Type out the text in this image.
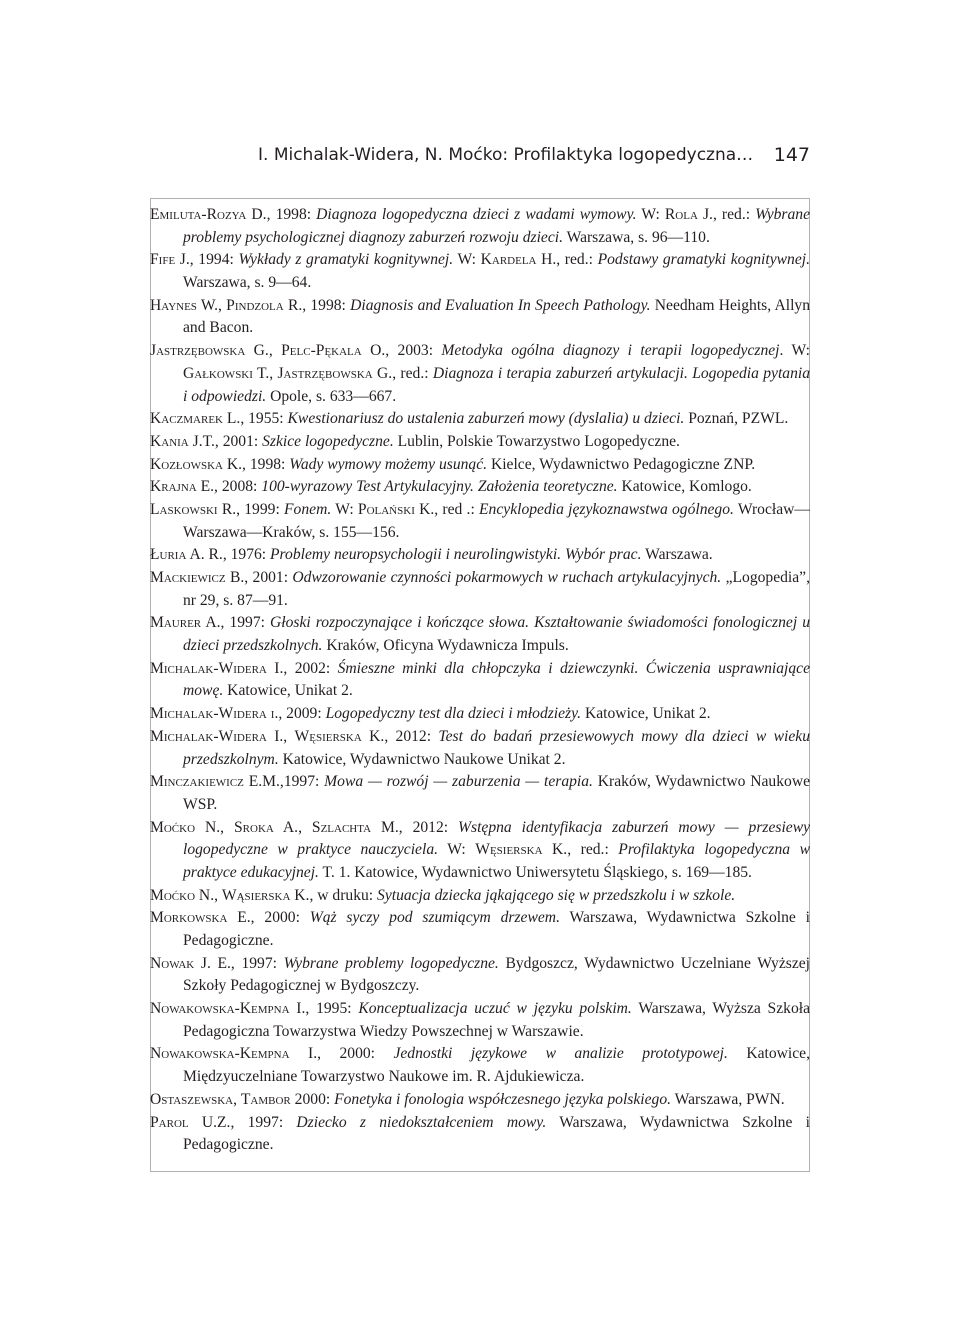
I. Michalak-Widera, N. Moćko: Profilaktyka logopedyczna… 147

Emiluta-Rozya D., 1998: Diagnoza logopedyczna dzieci z wadami wymowy. W: Rola J., red.: Wybrane problemy psychologicznej diagnozy zaburzeń rozwoju dzieci. Warszawa, s. 96—110.

Fife J., 1994: Wykłady z gramatyki kognitywnej. W: Kardela H., red.: Podstawy gramatyki kognitywnej. Warszawa, s. 9—64.

Haynes W., Pindzola R., 1998: Diagnosis and Evaluation In Speech Pathology. Needham Heights, Allyn and Bacon.

Jastrzębowska G., Pelc-Pękala O., 2003: Metodyka ogólna diagnozy i terapii logopedycznej. W: Gałkowski T., Jastrzębowska G., red.: Diagnoza i terapia zaburzeń artykulacji. Logopedia pytania i odpowiedzi. Opole, s. 633—667.

Kaczmarek L., 1955: Kwestionariusz do ustalenia zaburzeń mowy (dyslalia) u dzieci. Poznań, PZWL.

Kania J.T., 2001: Szkice logopedyczne. Lublin, Polskie Towarzystwo Logopedyczne.

Kozłowska K., 1998: Wady wymowy możemy usunąć. Kielce, Wydawnictwo Pedagogiczne ZNP.

Krajna E., 2008: 100-wyrazowy Test Artykulacyjny. Założenia teoretyczne. Katowice, Komlogo.

Laskowski R., 1999: Fonem. W: Polański K., red .: Encyklopedia językoznawstwa ogólnego. Wrocław—Warszawa—Kraków, s. 155—156.

Łuria A. R., 1976: Problemy neuropsychologii i neurolingwistyki. Wybór prac. Warszawa.

Mackiewicz B., 2001: Odwzorowanie czynności pokarmowych w ruchach artykulacyjnych. „Logopedia”, nr 29, s. 87—91.

Maurer A., 1997: Głoski rozpoczynające i kończące słowa. Kształtowanie świadomości fonologicznej u dzieci przedszkolnych. Kraków, Oficyna Wydawnicza Impuls.

Michalak-Widera I., 2002: Śmieszne minki dla chłopczyka i dziewczynki. Ćwiczenia usprawniające mowę. Katowice, Unikat 2.

Michalak-Widera i., 2009: Logopedyczny test dla dzieci i młodzieży. Katowice, Unikat 2.

Michalak-Widera I., Węsierska K., 2012: Test do badań przesiewowych mowy dla dzieci w wieku przedszkolnym. Katowice, Wydawnictwo Naukowe Unikat 2.

Minczakiewicz E.M.,1997: Mowa — rozwój — zaburzenia — terapia. Kraków, Wydawnictwo Naukowe WSP.

Moćko N., Sroka A., Szlachta M., 2012: Wstępna identyfikacja zaburzeń mowy — przesiewy logopedyczne w praktyce nauczyciela. W: Węsierska K., red.: Profilaktyka logopedyczna w praktyce edukacyjnej. T. 1. Katowice, Wydawnictwo Uniwersytetu Śląskiego, s. 169—185.

Moćko N., Wąsierska K., w druku: Sytuacja dziecka jąkającego się w przedszkolu i w szkole.

Morkowska E., 2000: Wąż syczy pod szumiącym drzewem. Warszawa, Wydawnictwa Szkolne i Pedagogiczne.

Nowak J. E., 1997: Wybrane problemy logopedyczne. Bydgoszcz, Wydawnictwo Uczelniane Wyższej Szkoły Pedagogicznej w Bydgoszczy.

Nowakowska-Kempna I., 1995: Konceptualizacja uczuć w języku polskim. Warszawa, Wyższa Szkoła Pedagogiczna Towarzystwa Wiedzy Powszechnej w Warszawie.

Nowakowska-Kempna I., 2000: Jednostki językowe w analizie prototypowej. Katowice, Międzyuczelniane Towarzystwo Naukowe im. R. Ajdukiewicza.

Ostaszewska, Tambor 2000: Fonetyka i fonologia współczesnego języka polskiego. Warszawa, PWN.

Parol U.Z., 1997: Dziecko z niedokształceniem mowy. Warszawa, Wydawnictwa Szkolne i Pedagogiczne.
